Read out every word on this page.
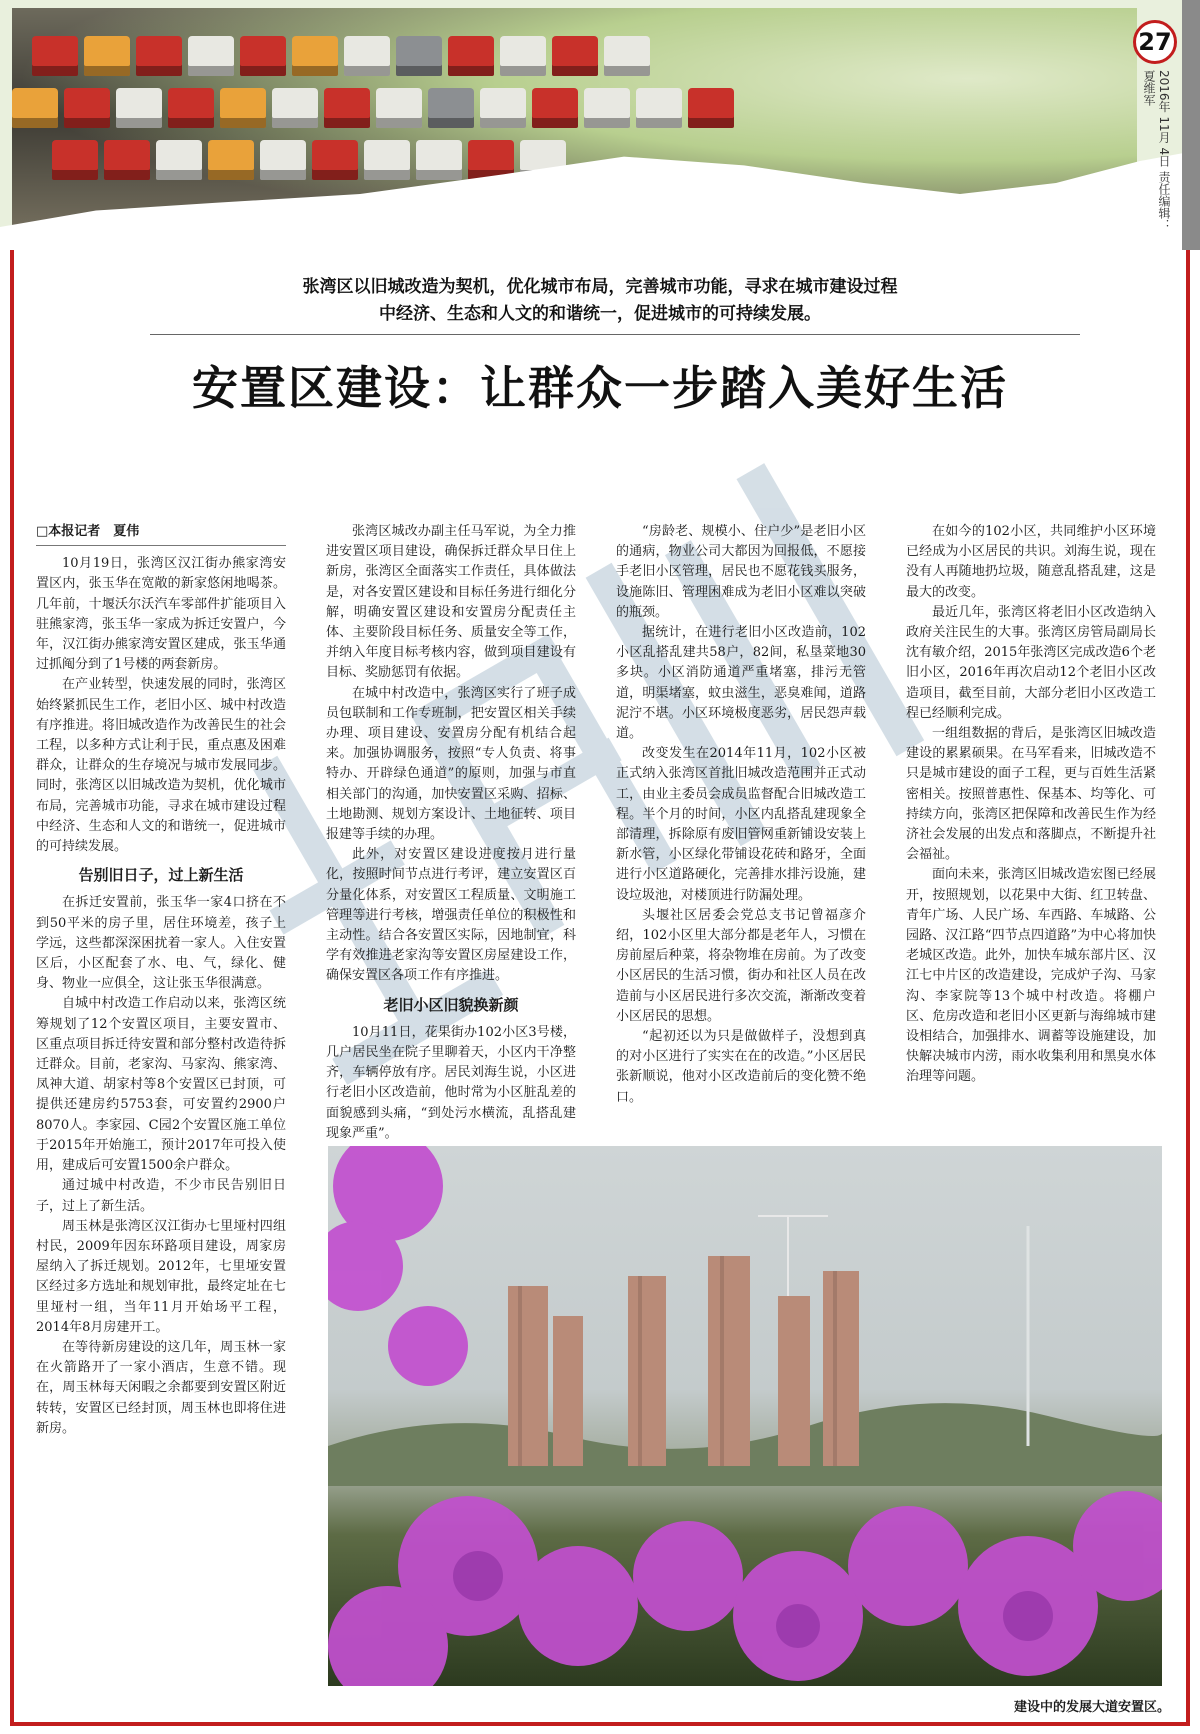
27
2016年 11月 4日 责任编辑：夏维军
张湾区以旧城改造为契机，优化城市布局，完善城市功能，寻求在城市建设过程中经济、生态和人文的和谐统一，促进城市的可持续发展。
安置区建设：让群众一步踏入美好生活
□本报记者　夏伟

10月19日，张湾区汉江街办熊家湾安置区内，张玉华在宽敞的新家悠闲地喝茶。几年前，十堰沃尔沃汽车零部件扩能项目入驻熊家湾，张玉华一家成为拆迁安置户，今年，汉江街办熊家湾安置区建成，张玉华通过抓阄分到了1号楼的两套新房。

在产业转型，快速发展的同时，张湾区始终紧抓民生工作，老旧小区、城中村改造有序推进。将旧城改造作为改善民生的社会工程，以多种方式让利于民，重点惠及困难群众，让群众的生存境况与城市发展同步。同时，张湾区以旧城改造为契机，优化城市布局，完善城市功能，寻求在城市建设过程中经济、生态和人文的和谐统一，促进城市的可持续发展。

告别旧日子，过上新生活

在拆迁安置前，张玉华一家4口挤在不到50平米的房子里，居住环境差，孩子上学远，这些都深深困扰着一家人。入住安置区后，小区配套了水、电、气，绿化、健身、物业一应俱全，这让张玉华很满意。

自城中村改造工作启动以来，张湾区统筹规划了12个安置区项目，主要安置市、区重点项目拆迁待安置和部分整村改造待拆迁群众。目前，老家沟、马家沟、熊家湾、凤神大道、胡家村等8个安置区已封顶，可提供还建房约5753套，可安置约2900户8070人。李家园、C园2个安置区施工单位于2015年开始施工，预计2017年可投入使用，建成后可安置1500余户群众。

通过城中村改造，不少市民告别旧日子，过上了新生活。

周玉林是张湾区汉江街办七里垭村四组村民，2009年因东环路项目建设，周家房屋纳入了拆迁规划。2012年，七里垭安置区经过多方选址和规划审批，最终定址在七里垭村一组，当年11月开始场平工程，2014年8月房建开工。

在等待新房建设的这几年，周玉林一家在火箭路开了一家小酒店，生意不错。现在，周玉林每天闲暇之余都要到安置区附近转转，安置区已经封顶，周玉林也即将住进新房。

张湾区城改办副主任马军说，为全力推进安置区项目建设，确保拆迁群众早日住上新房，张湾区全面落实工作责任，具体做法是，对各安置区建设和目标任务进行细化分解，明确安置区建设和安置房分配责任主体、主要阶段目标任务、质量安全等工作，并纳入年度目标考核内容，做到项目建设有目标、奖励惩罚有依据。

在城中村改造中，张湾区实行了班子成员包联制和工作专班制，把安置区相关手续办理、项目建设、安置房分配有机结合起来。加强协调服务，按照“专人负责、将事特办、开辟绿色通道”的原则，加强与市直相关部门的沟通，加快安置区采购、招标、土地勘测、规划方案设计、土地征转、项目报建等手续的办理。

此外，对安置区建设进度按月进行量化，按照时间节点进行考评，建立安置区百分量化体系，对安置区工程质量、文明施工管理等进行考核，增强责任单位的积极性和主动性。结合各安置区实际，因地制宜，科学有效推进老家沟等安置区房屋建设工作，确保安置区各项工作有序推进。

老旧小区旧貌换新颜

10月11日，花果街办102小区3号楼，几户居民坐在院子里聊着天，小区内干净整齐，车辆停放有序。居民刘海生说，小区进行老旧小区改造前，他时常为小区脏乱差的面貌感到头痛，“到处污水横流，乱搭乱建现象严重”。

“房龄老、规模小、住户少”是老旧小区的通病，物业公司大都因为回报低，不愿接手老旧小区管理，居民也不愿花钱买服务，设施陈旧、管理困难成为老旧小区难以突破的瓶颈。

据统计，在进行老旧小区改造前，102小区乱搭乱建共58户，82间，私垦菜地30多块。小区消防通道严重堵塞，排污无管道，明渠堵塞，蚊虫滋生，恶臭难闻，道路泥泞不堪。小区环境极度恶劣，居民怨声载道。

改变发生在2014年11月，102小区被正式纳入张湾区首批旧城改造范围并正式动工，由业主委员会成员监督配合旧城改造工程。半个月的时间，小区内乱搭乱建现象全部清理，拆除原有废旧管网重新铺设安装上新水管，小区绿化带铺设花砖和路牙，全面进行小区道路硬化，完善排水排污设施，建设垃圾池，对楼顶进行防漏处理。

头堰社区居委会党总支书记曾福彦介绍，102小区里大部分都是老年人，习惯在房前屋后种菜，将杂物堆在房前。为了改变小区居民的生活习惯，街办和社区人员在改造前与小区居民进行多次交流，渐渐改变着小区居民的思想。

“起初还以为只是做做样子，没想到真的对小区进行了实实在在的改造。”小区居民张新顺说，他对小区改造前后的变化赞不绝口。

在如今的102小区，共同维护小区环境已经成为小区居民的共识。刘海生说，现在没有人再随地扔垃圾，随意乱搭乱建，这是最大的改变。

最近几年，张湾区将老旧小区改造纳入政府关注民生的大事。张湾区房管局副局长沈有敏介绍，2015年张湾区完成改造6个老旧小区，2016年再次启动12个老旧小区改造项目，截至目前，大部分老旧小区改造工程已经顺利完成。

一组组数据的背后，是张湾区旧城改造建设的累累硕果。在马军看来，旧城改造不只是城市建设的面子工程，更与百姓生活紧密相关。按照普惠性、保基本、均等化、可持续方向，张湾区把保障和改善民生作为经济社会发展的出发点和落脚点，不断提升社会福祉。

面向未来，张湾区旧城改造宏图已经展开，按照规划，以花果中大街、红卫转盘、青年广场、人民广场、车西路、车城路、公园路、汉江路“四节点四道路”为中心将加快老城区改造。此外，加快车城东部片区、汉江七中片区的改造建设，完成炉子沟、马家沟、李家院等13个城中村改造。将棚户区、危房改造和老旧小区更新与海绵城市建设相结合，加强排水、调蓄等设施建设，加快解决城市内涝，雨水收集利用和黑臭水体治理等问题。

建设中的发展大道安置区。
